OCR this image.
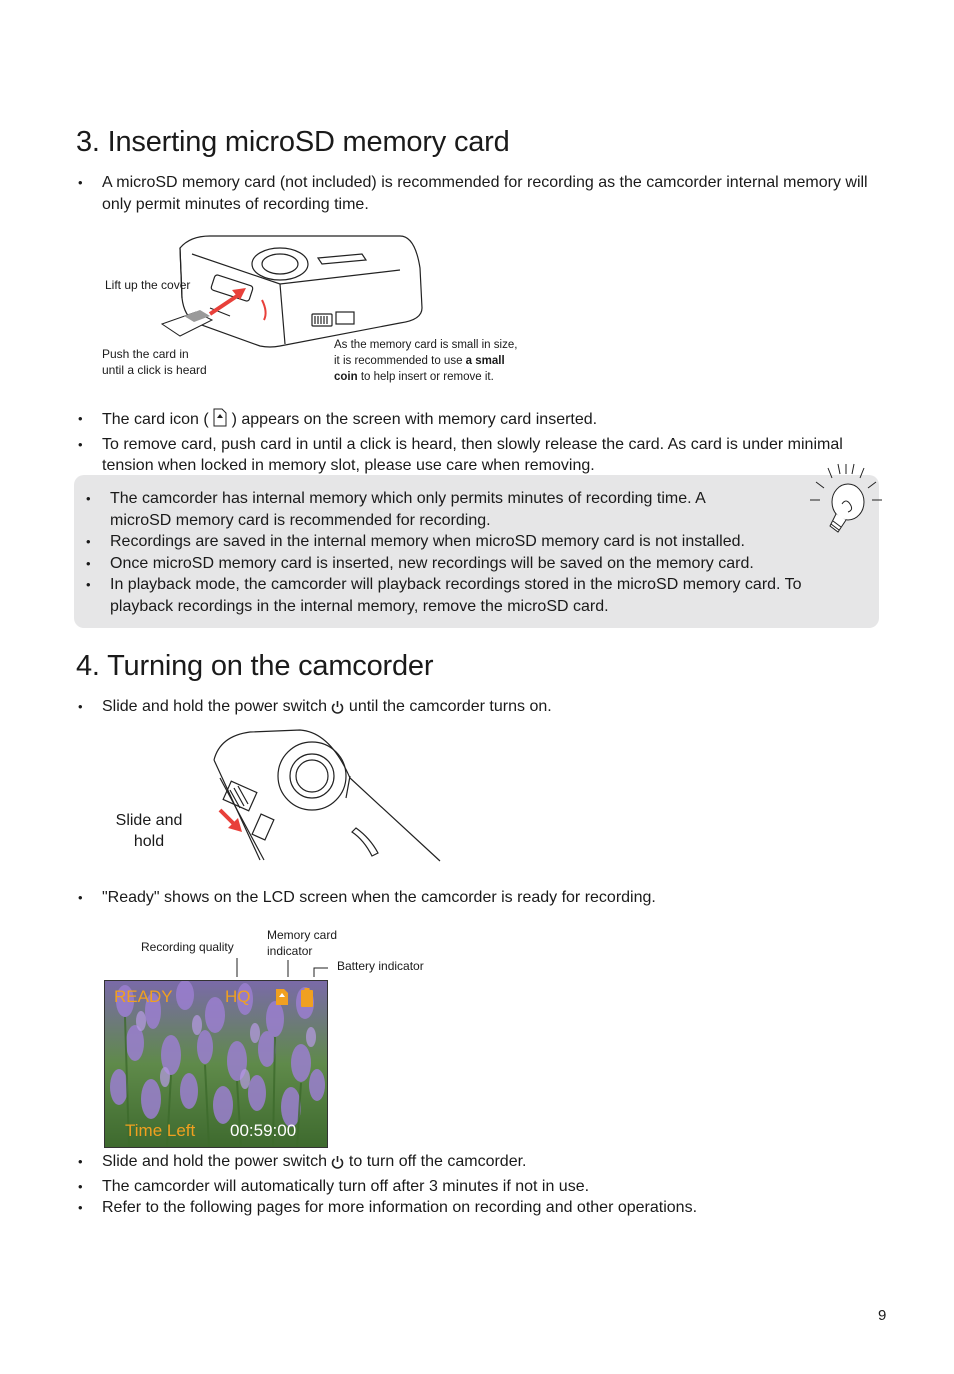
3. Inserting microSD memory card
• A microSD memory card (not included) is recommended for recording as the camcorder internal memory will only permit minutes of recording time.
Lift up the cover
Push the card in
until a click is heard
As the memory card is small in size,
it is recommended to use a small
coin to help insert or remove it.
• The card icon (  ) appears on the screen with memory card inserted.
• To remove card, push card in until a click is heard, then slowly release the card. As card is under minimal tension when locked in memory slot, please use care when removing.
• The camcorder has internal memory which only permits minutes of recording time. A microSD memory card is recommended for recording.
• Recordings are saved in the internal memory when microSD memory card is not installed.
• Once microSD memory card is inserted, new recordings will be saved on the memory card.
• In playback mode, the camcorder will playback recordings stored in the microSD memory card. To playback recordings in the internal memory, remove the microSD card.
4. Turning on the camcorder
• Slide and hold the power switch  until the camcorder turns on.
Slide and
hold
• "Ready" shows on the LCD screen when the camcorder is ready for recording.
Recording quality
Memory card
indicator
Battery indicator
READY	HQ
Time Left 00:59:00
• Slide and hold the power switch  to turn off the camcorder.
• The camcorder will automatically turn off after 3 minutes if not in use.
• Refer to the following pages for more information on recording and other operations.
9
